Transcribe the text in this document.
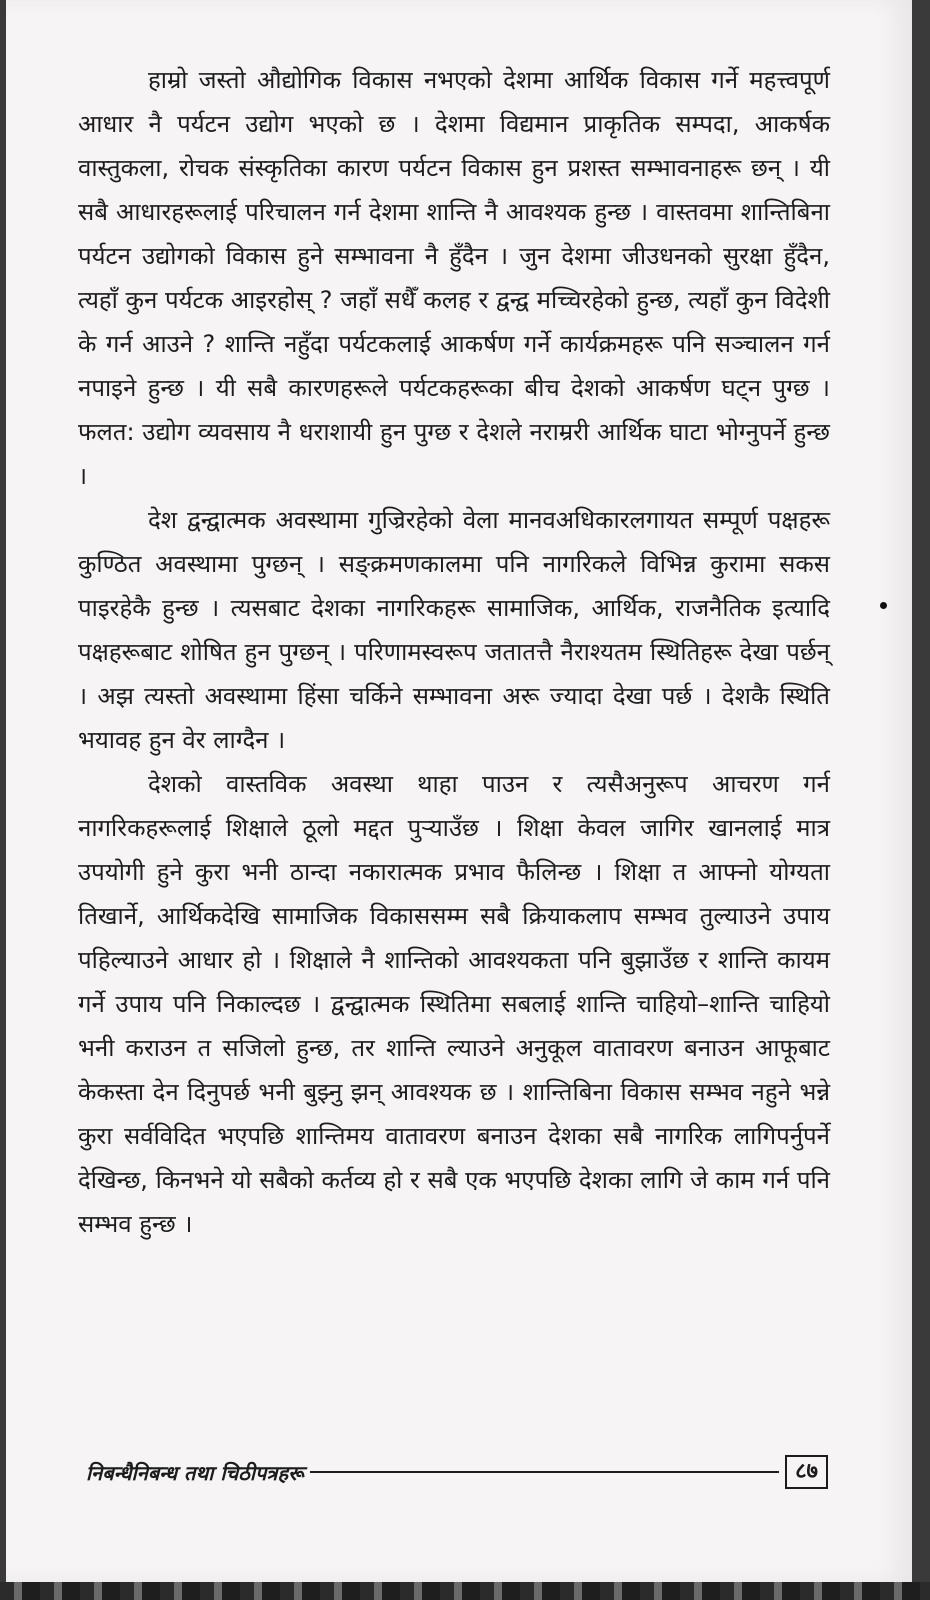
हाम्रो जस्तो औद्योगिक विकास नभएको देशमा आर्थिक विकास गर्ने महत्त्वपूर्ण आधार नै पर्यटन उद्योग भएको छ । देशमा विद्यमान प्राकृतिक सम्पदा, आकर्षक वास्तुकला, रोचक संस्कृतिका कारण पर्यटन विकास हुन प्रशस्त सम्भावनाहरू छन् । यी सबै आधारहरूलाई परिचालन गर्न देशमा शान्ति नै आवश्यक हुन्छ । वास्तवमा शान्तिबिना पर्यटन उद्योगको विकास हुने सम्भावना नै हुँदैन । जुन देशमा जीउधनको सुरक्षा हुँदैन, त्यहाँ कुन पर्यटक आइरहोस् ? जहाँ सधैँ कलह र द्वन्द्व मच्चिरहेको हुन्छ, त्यहाँ कुन विदेशी के गर्न आउने ? शान्ति नहुँदा पर्यटकलाई आकर्षण गर्ने कार्यक्रमहरू पनि सञ्चालन गर्न नपाइने हुन्छ । यी सबै कारणहरूले पर्यटकहरूका बीच देशको आकर्षण घट्न पुग्छ । फलत: उद्योग व्यवसाय नै धराशायी हुन पुग्छ र देशले नराम्ररी आर्थिक घाटा भोग्नुपर्ने हुन्छ ।

देश द्वन्द्वात्मक अवस्थामा गुज्रिरहेको वेला मानवअधिकारलगायत सम्पूर्ण पक्षहरू कुण्ठित अवस्थामा पुग्छन् । सङ्क्रमणकालमा पनि नागरिकले विभिन्न कुरामा सकस पाइरहेकै हुन्छ । त्यसबाट देशका नागरिकहरू सामाजिक, आर्थिक, राजनैतिक इत्यादि पक्षहरूबाट शोषित हुन पुग्छन् । परिणामस्वरूप जतातत्तै नैराश्यतम स्थितिहरू देखा पर्छन् । अझ त्यस्तो अवस्थामा हिंसा चर्किने सम्भावना अरू ज्यादा देखा पर्छ । देशकै स्थिति भयावह हुन वेर लाग्दैन ।

देशको वास्तविक अवस्था थाहा पाउन र त्यसैअनुरूप आचरण गर्न नागरिकहरूलाई शिक्षाले ठूलो मद्दत पुऱ्याउँछ । शिक्षा केवल जागिर खानलाई मात्र उपयोगी हुने कुरा भनी ठान्दा नकारात्मक प्रभाव फैलिन्छ । शिक्षा त आफ्नो योग्यता तिखार्ने, आर्थिकदेखि सामाजिक विकाससम्म सबै क्रियाकलाप सम्भव तुल्याउने उपाय पहिल्याउने आधार हो । शिक्षाले नै शान्तिको आवश्यकता पनि बुझाउँछ र शान्ति कायम गर्ने उपाय पनि निकाल्दछ । द्वन्द्वात्मक स्थितिमा सबलाई शान्ति चाहियो–शान्ति चाहियो भनी कराउन त सजिलो हुन्छ, तर शान्ति ल्याउने अनुकूल वातावरण बनाउन आफूबाट केकस्ता देन दिनुपर्छ भनी बुझ्नु झन् आवश्यक छ । शान्तिबिना विकास सम्भव नहुने भन्ने कुरा सर्वविदित भएपछि शान्तिमय वातावरण बनाउन देशका सबै नागरिक लागिपर्नुपर्ने देखिन्छ, किनभने यो सबैको कर्तव्य हो र सबै एक भएपछि देशका लागि जे काम गर्न पनि सम्भव हुन्छ ।

निबन्धैनिबन्ध तथा चिठीपत्रहरू	८७
